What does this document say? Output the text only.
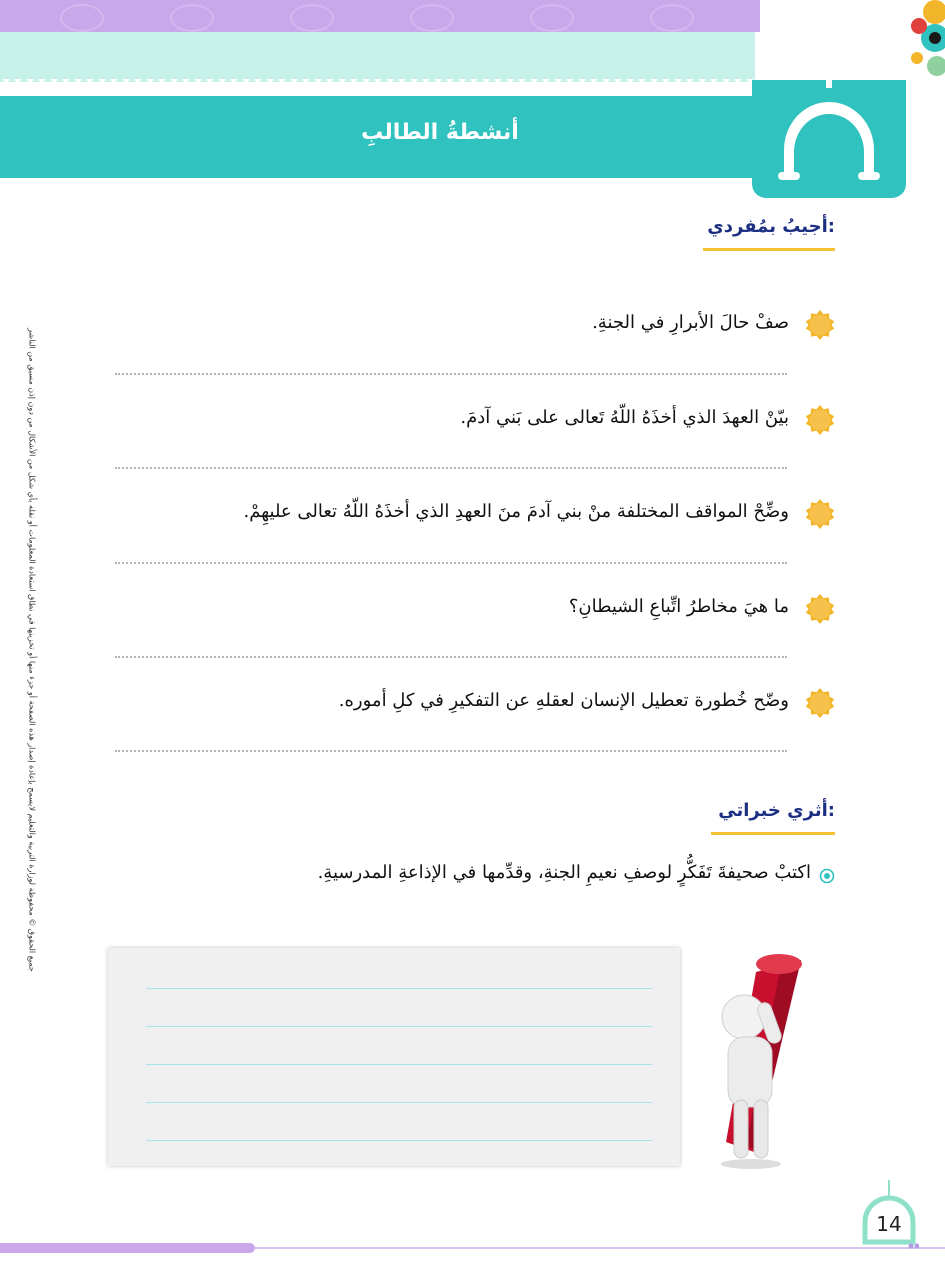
أنشطةُ الطالبِ
جميع الحقوق © محفوظة لوزارة التربية والتعليم لايسمح بإعادة إصدار هذه الصفحة أو جزء منها أو تخزينها في نطاق استعادة المعلومات أو نقله بأي شكل من الأشكال من دون إذن مسبق من الناشر
أجيبُ بمُفردي:
1	صفْ حالَ الأبرارِ في الجنةِ.
2	بيّنْ العهدَ الذي أخذَهُ اللّهُ تَعالى على بَني آدمَ.
3	وضِّحْ المواقف المختلفة منْ بني آدمَ منَ العهدِ الذي أخذَهُ اللّهُ تعالى عليهِمْ.
4	ما هيَ مخاطرُ اتِّباعِ الشيطانِ؟
5	وضّح خُطورة تعطيل الإنسان لعقلهِ عن التفكيرِ في كلِ أموره.
أثري خبراتي:
اكتبْ صحيفةَ تَفَكُّرٍ لوصفِ نعيمِ الجنةِ، وقدِّمها في الإذاعةِ المدرسيةِ.
14
